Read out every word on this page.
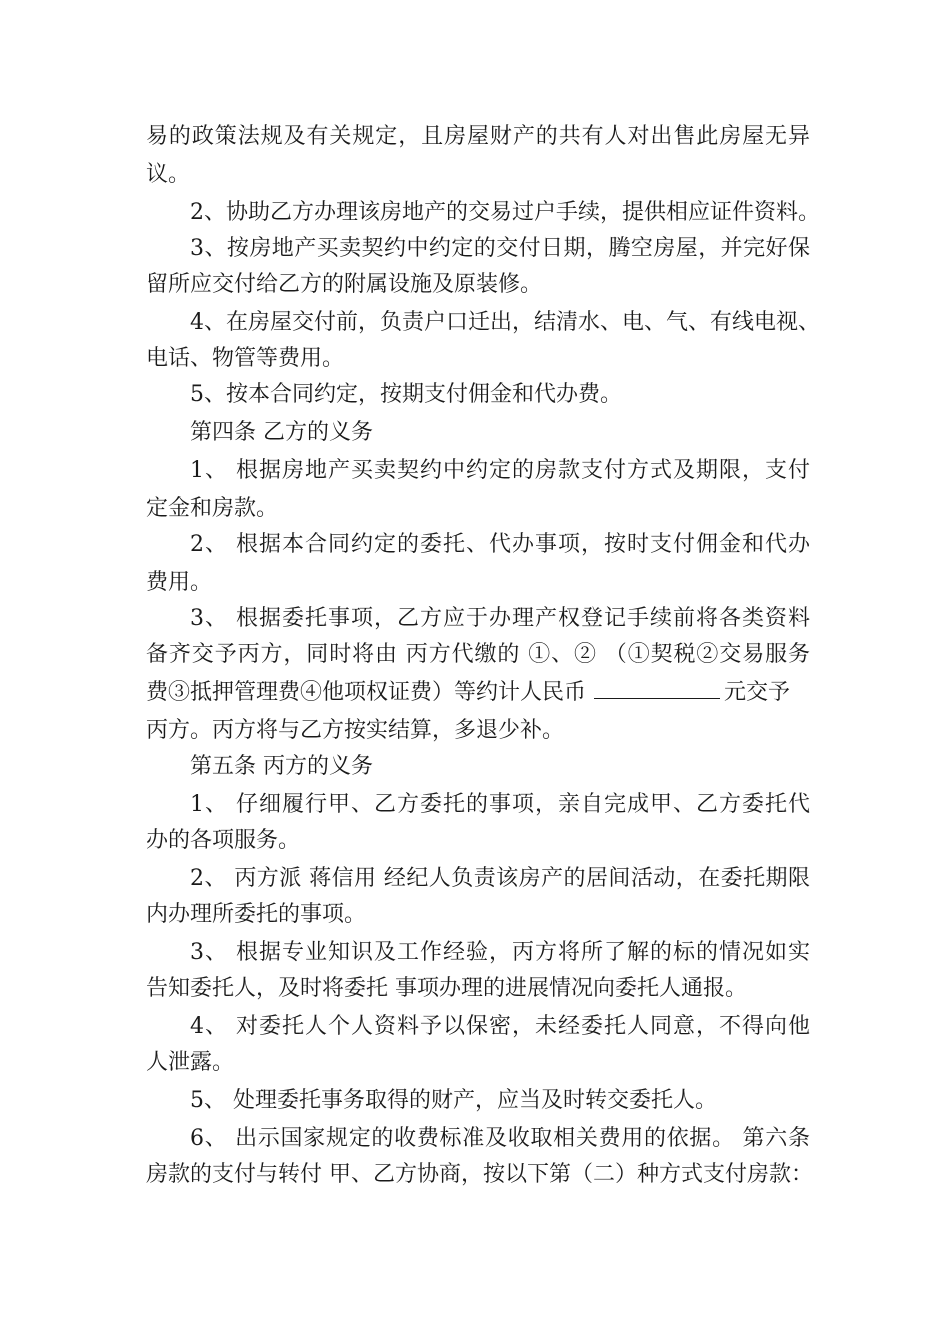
易的政策法规及有关规定，且房屋财产的共有人对出售此房屋无异
议。
2、协助乙方办理该房地产的交易过户手续，提供相应证件资料。
3、按房地产买卖契约中约定的交付日期，腾空房屋，并完好保
留所应交付给乙方的附属设施及原装修。
4、在房屋交付前，负责户口迁出，结清水、电、气、有线电视、
电话、物管等费用。
5、按本合同约定，按期支付佣金和代办费。
第四条 乙方的义务
1、 根据房地产买卖契约中约定的房款支付方式及期限，支付
定金和房款。
2、 根据本合同约定的委托、代办事项，按时支付佣金和代办
费用。
3、 根据委托事项，乙方应于办理产权登记手续前将各类资料
备齐交予丙方，同时将由 丙方代缴的 ①、② （①契税②交易服务
费③抵押管理费④他项权证费）等约计人民币	元交予
丙方。丙方将与乙方按实结算，多退少补。
第五条 丙方的义务
1、 仔细履行甲、乙方委托的事项，亲自完成甲、乙方委托代
办的各项服务。
2、 丙方派 蒋信用 经纪人负责该房产的居间活动，在委托期限
内办理所委托的事项。
3、 根据专业知识及工作经验，丙方将所了解的标的情况如实
告知委托人，及时将委托 事项办理的进展情况向委托人通报。
4、 对委托人个人资料予以保密，未经委托人同意，不得向他
人泄露。
5、 处理委托事务取得的财产，应当及时转交委托人。
6、 出示国家规定的收费标准及收取相关费用的依据。 第六条
房款的支付与转付 甲、乙方协商，按以下第（二）种方式支付房款：
